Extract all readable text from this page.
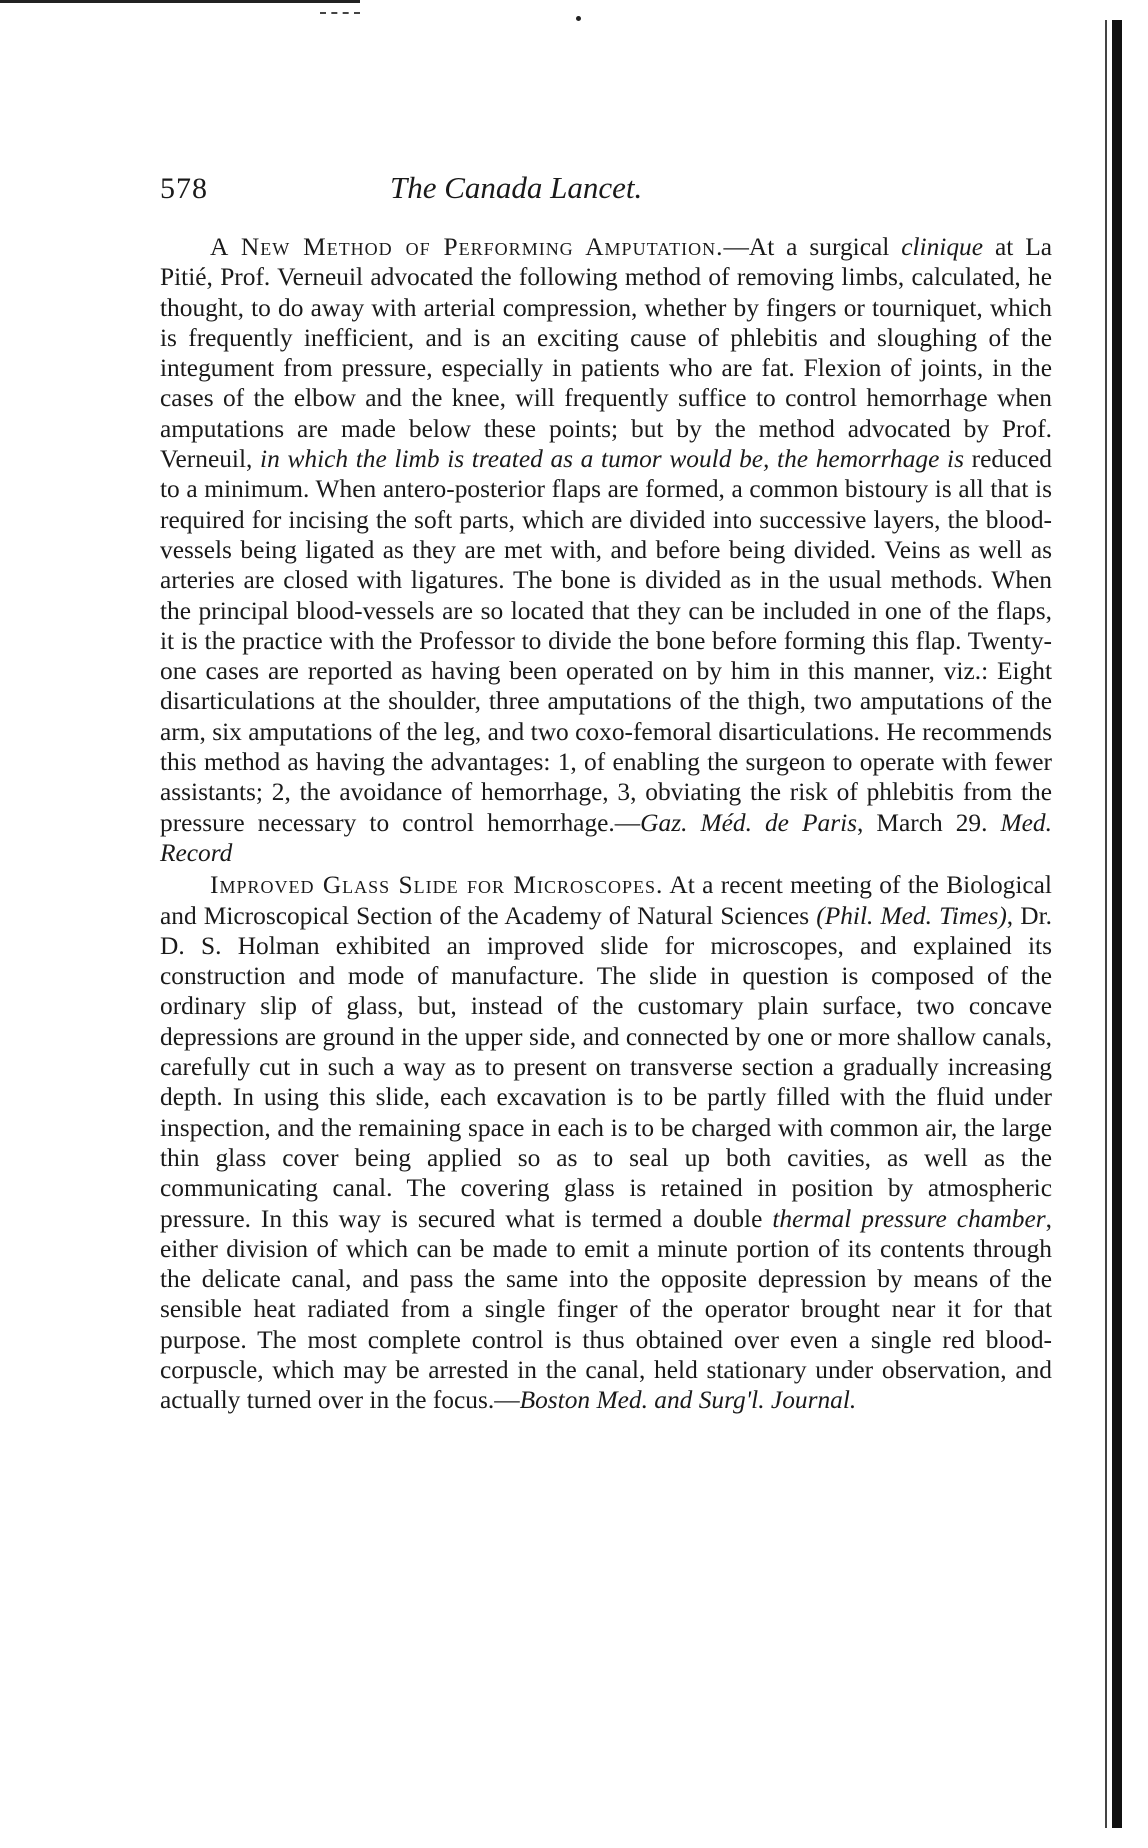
578	The Canada Lancet.

A New Method of Performing Amputation.—At a surgical clinique at La Pitié, Prof. Verneuil advocated the following method of removing limbs, calculated, he thought, to do away with arterial compression, whether by fingers or tourniquet, which is frequently inefficient, and is an exciting cause of phlebitis and sloughing of the integument from pressure, especially in patients who are fat. Flexion of joints, in the cases of the elbow and the knee, will frequently suffice to control hemorrhage when amputations are made below these points; but by the method advocated by Prof. Verneuil, in which the limb is treated as a tumor would be, the hemorrhage is reduced to a minimum. When antero-posterior flaps are formed, a common bistoury is all that is required for incising the soft parts, which are divided into successive layers, the blood-vessels being ligated as they are met with, and before being divided. Veins as well as arteries are closed with ligatures. The bone is divided as in the usual methods. When the principal blood-vessels are so located that they can be included in one of the flaps, it is the practice with the Professor to divide the bone before forming this flap. Twenty-one cases are reported as having been operated on by him in this manner, viz.: Eight disarticulations at the shoulder, three amputations of the thigh, two amputations of the arm, six amputations of the leg, and two coxo-femoral disarticulations. He recommends this method as having the advantages: 1, of enabling the surgeon to operate with fewer assistants; 2, the avoidance of hemorrhage, 3, obviating the risk of phlebitis from the pressure necessary to control hemorrhage.—Gaz. Méd. de Paris, March 29. Med. Record

Improved Glass Slide for Microscopes. At a recent meeting of the Biological and Microscopical Section of the Academy of Natural Sciences (Phil. Med. Times), Dr. D. S. Holman exhibited an improved slide for microscopes, and explained its construction and mode of manufacture. The slide in question is composed of the ordinary slip of glass, but, instead of the customary plain surface, two concave depressions are ground in the upper side, and connected by one or more shallow canals, carefully cut in such a way as to present on transverse section a gradually increasing depth. In using this slide, each excavation is to be partly filled with the fluid under inspection, and the remaining space in each is to be charged with common air, the large thin glass cover being applied so as to seal up both cavities, as well as the communicating canal. The covering glass is retained in position by atmospheric pressure. In this way is secured what is termed a double thermal pressure chamber, either division of which can be made to emit a minute portion of its contents through the delicate canal, and pass the same into the opposite depression by means of the sensible heat radiated from a single finger of the operator brought near it for that purpose. The most complete control is thus obtained over even a single red blood-corpuscle, which may be arrested in the canal, held stationary under observation, and actually turned over in the focus.—Boston Med. and Surg'l. Journal.
